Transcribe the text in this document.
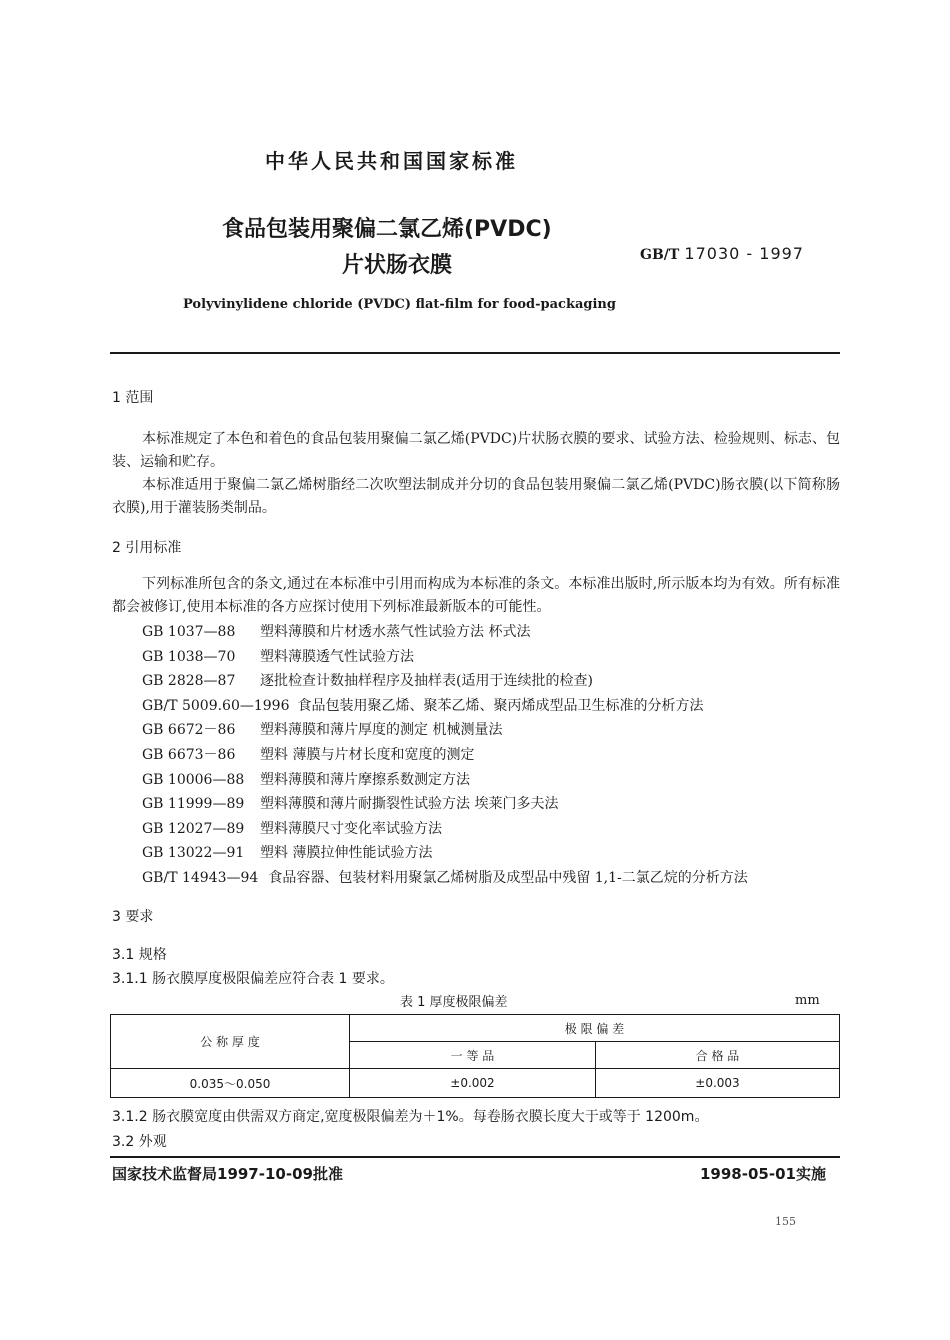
中华人民共和国国家标准
食品包装用聚偏二氯乙烯(PVDC)
片状肠衣膜	GB/T 17030 - 1997
Polyvinylidene chloride (PVDC) flat-film for food-packaging
1 范围
本标准规定了本色和着色的食品包装用聚偏二氯乙烯(PVDC)片状肠衣膜的要求、试验方法、检验规则、标志、包装、运输和贮存。
本标准适用于聚偏二氯乙烯树脂经二次吹塑法制成并分切的食品包装用聚偏二氯乙烯(PVDC)肠衣膜(以下简称肠衣膜),用于灌装肠类制品。
2 引用标准
下列标准所包含的条文,通过在本标准中引用而构成为本标准的条文。本标准出版时,所示版本均为有效。所有标准都会被修订,使用本标准的各方应探讨使用下列标准最新版本的可能性。
GB 1037—88 塑料薄膜和片材透水蒸气性试验方法 杯式法
GB 1038—70 塑料薄膜透气性试验方法
GB 2828—87 逐批检查计数抽样程序及抽样表(适用于连续批的检查)
GB/T 5009.60—1996 食品包装用聚乙烯、聚苯乙烯、聚丙烯成型品卫生标准的分析方法
GB 6672－86 塑料薄膜和薄片厚度的测定 机械测量法
GB 6673－86 塑料 薄膜与片材长度和宽度的测定
GB 10006—88 塑料薄膜和薄片摩擦系数测定方法
GB 11999—89 塑料薄膜和薄片耐撕裂性试验方法 埃莱门多夫法
GB 12027—89 塑料薄膜尺寸变化率试验方法
GB 13022—91 塑料 薄膜拉伸性能试验方法
GB/T 14943—94 食品容器、包装材料用聚氯乙烯树脂及成型品中残留 1,1-二氯乙烷的分析方法
3 要求
3.1 规格
3.1.1 肠衣膜厚度极限偏差应符合表 1 要求。
表 1 厚度极限偏差	mm
公 称 厚 度	极 限 偏 差	
	一 等 品	合 格 品
0.035～0.050	±0.002	±0.003
3.1.2 肠衣膜宽度由供需双方商定,宽度极限偏差为＋1%。每卷肠衣膜长度大于或等于 1200m。
3.2 外观
国家技术监督局1997-10-09批准	1998-05-01实施
155
